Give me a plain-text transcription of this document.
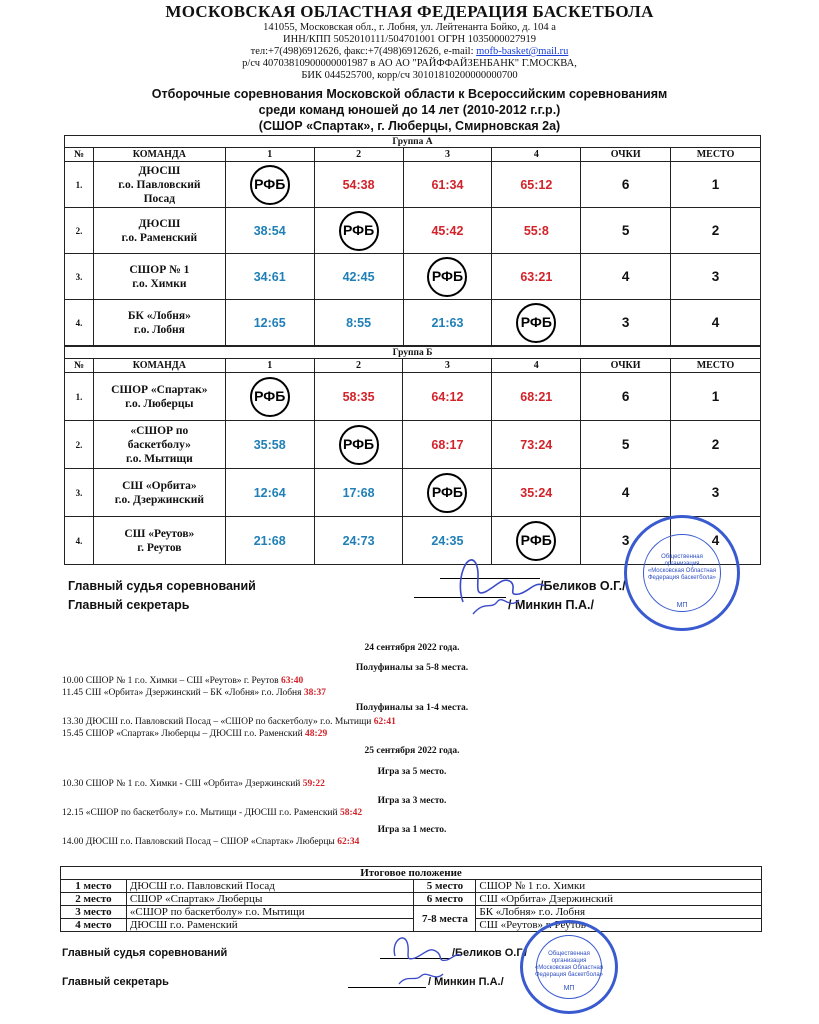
МОСКОВСКАЯ ОБЛАСТНАЯ ФЕДЕРАЦИЯ БАСКЕТБОЛА
141055, Московская обл., г. Лобня, ул. Лейтенанта Бойко, д. 104 а
ИНН/КПП 5052010111/504701001 ОГРН 1035000027919
тел:+7(498)6912626, факс:+7(498)6912626, e-mail: mofb-basket@mail.ru
р/сч 40703810900000001987 в АО АО "РАЙФФАЙЗЕНБАНК" Г.МОСКВА,
БИК 044525700, корр/сч 30101810200000000700
Отборочные соревнования Московской области к Всероссийским соревнованиям
среди команд юношей до 14 лет (2010-2012 г.г.р.)
(СШОР «Спартак», г. Люберцы, Смирновская 2а)
Группа А							
№	КОМАНДА	1	2	3	4	ОЧКИ	МЕСТО
1.	ДЮСШ
г.о. Павловский
Посад	РФБ	54:38	61:34	65:12	6	1
2.	ДЮСШ
г.о. Раменский	38:54	РФБ	45:42	55:8	5	2
3.	СШОР № 1
г.о. Химки	34:61	42:45	РФБ	63:21	4	3
4.	БК «Лобня»
г.о. Лобня	12:65	8:55	21:63	РФБ	3	4
Группа Б							
№	КОМАНДА	1	2	3	4	ОЧКИ	МЕСТО
1.	СШОР «Спартак»
г.о. Люберцы	РФБ	58:35	64:12	68:21	6	1
2.	«СШОР по
баскетболу»
г.о. Мытищи	35:58	РФБ	68:17	73:24	5	2
3.	СШ «Орбита»
г.о. Дзержинский	12:64	17:68	РФБ	35:24	4	3
4.	СШ «Реутов»
г. Реутов	21:68	24:73	24:35	РФБ	3	4
Главный судья соревнований	/Беликов О.Г./
Главный секретарь	/ Минкин П.А./
Общественная
организация
«Московская Областная
Федерация баскетбола»
МП
24 сентября 2022 года.
Полуфиналы за 5-8 места.
10.00 СШОР № 1 г.о. Химки – СШ «Реутов» г. Реутов 63:40
11.45 СШ «Орбита» Дзержинский – БК «Лобня» г.о. Лобня 38:37
Полуфиналы за 1-4 места.
13.30 ДЮСШ г.о. Павловский Посад – «СШОР по баскетболу» г.о. Мытищи 62:41
15.45 СШОР «Спартак» Люберцы – ДЮСШ г.о. Раменский 48:29
25 сентября 2022 года.
Игра за 5 место.
10.30 СШОР № 1 г.о. Химки - СШ «Орбита» Дзержинский 59:22
Игра за 3 место.
12.15 «СШОР по баскетболу» г.о. Мытищи - ДЮСШ г.о. Раменский 58:42
Игра за 1 место.
14.00 ДЮСШ г.о. Павловский Посад – СШОР «Спартак» Люберцы 62:34
Итоговое положение			
1 место	ДЮСШ г.о. Павловский Посад	5 место	СШОР № 1 г.о. Химки
2 место	СШОР «Спартак» Люберцы	6 место	СШ «Орбита» Дзержинский
3 место	«СШОР по баскетболу» г.о. Мытищи	7-8 места	БК «Лобня» г.о. Лобня
4 место	ДЮСШ г.о. Раменский		СШ «Реутов» г. Реутов
Главный судья соревнований	/Беликов О.Г./
Главный секретарь	/ Минкин П.А./
Общественная
организация
«Московская Областная
Федерация баскетбола»
МП
